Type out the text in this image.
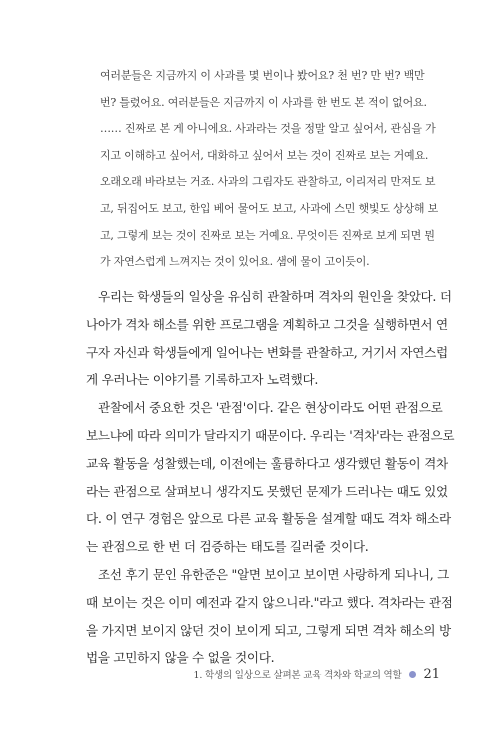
여러분들은 지금까지 이 사과를 몇 번이나 봤어요? 천 번? 만 번? 백만
번? 틀렸어요. 여러분들은 지금까지 이 사과를 한 번도 본 적이 없어요.
…… 진짜로 본 게 아니에요. 사과라는 것을 정말 알고 싶어서, 관심을 가
지고 이해하고 싶어서, 대화하고 싶어서 보는 것이 진짜로 보는 거예요.
오래오래 바라보는 거죠. 사과의 그림자도 관찰하고, 이리저리 만져도 보
고, 뒤집어도 보고, 한입 베어 물어도 보고, 사과에 스민 햇빛도 상상해 보
고, 그렇게 보는 것이 진짜로 보는 거예요. 무엇이든 진짜로 보게 되면 뭔
가 자연스럽게 느껴지는 것이 있어요. 샘에 물이 고이듯이.
우리는 학생들의 일상을 유심히 관찰하며 격차의 원인을 찾았다. 더
나아가 격차 해소를 위한 프로그램을 계획하고 그것을 실행하면서 연
구자 자신과 학생들에게 일어나는 변화를 관찰하고, 거기서 자연스럽
게 우러나는 이야기를 기록하고자 노력했다.
관찰에서 중요한 것은 '관점'이다. 같은 현상이라도 어떤 관점으로
보느냐에 따라 의미가 달라지기 때문이다. 우리는 '격차'라는 관점으로
교육 활동을 성찰했는데, 이전에는 훌륭하다고 생각했던 활동이 격차
라는 관점으로 살펴보니 생각지도 못했던 문제가 드러나는 때도 있었
다. 이 연구 경험은 앞으로 다른 교육 활동을 설계할 때도 격차 해소라
는 관점으로 한 번 더 검증하는 태도를 길러줄 것이다.
조선 후기 문인 유한준은 "알면 보이고 보이면 사랑하게 되나니, 그
때 보이는 것은 이미 예전과 같지 않으니라."라고 했다. 격차라는 관점
을 가지면 보이지 않던 것이 보이게 되고, 그렇게 되면 격차 해소의 방
법을 고민하지 않을 수 없을 것이다.
1. 학생의 일상으로 살펴본 교육 격차와 학교의 역할 21
